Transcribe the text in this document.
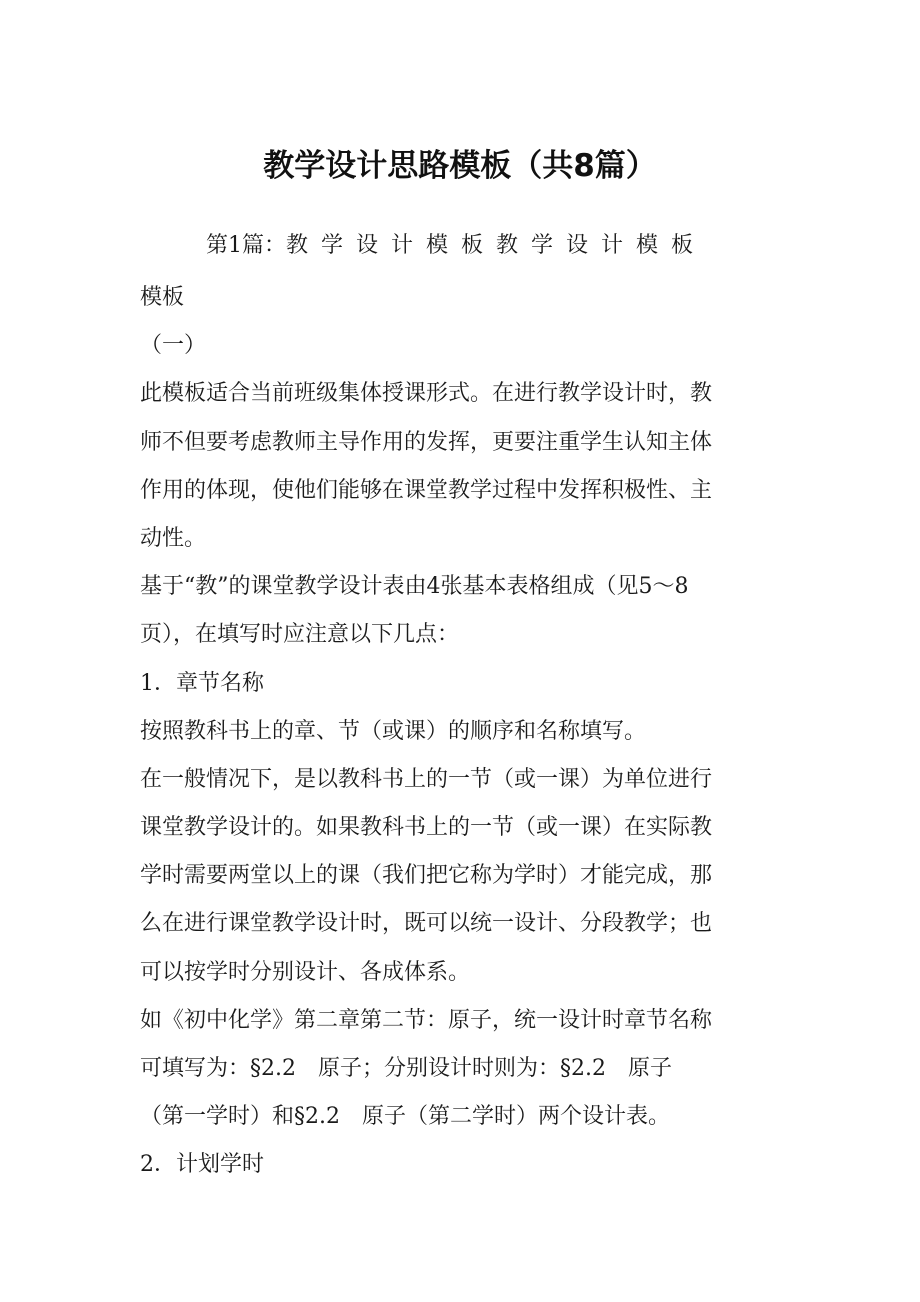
教学设计思路模板（共8篇）
第1篇：教学设计模板教学设计模板
模板
（一）
此模板适合当前班级集体授课形式。在进行教学设计时，教
师不但要考虑教师主导作用的发挥，更要注重学生认知主体
作用的体现，使他们能够在课堂教学过程中发挥积极性、主
动性。
基于“教”的课堂教学设计表由4张基本表格组成（见5～8
页），在填写时应注意以下几点：
1．章节名称
按照教科书上的章、节（或课）的顺序和名称填写。
在一般情况下，是以教科书上的一节（或一课）为单位进行
课堂教学设计的。如果教科书上的一节（或一课）在实际教
学时需要两堂以上的课（我们把它称为学时）才能完成，那
么在进行课堂教学设计时，既可以统一设计、分段教学；也
可以按学时分别设计、各成体系。
如《初中化学》第二章第二节：原子，统一设计时章节名称
可填写为：§2.2　原子；分别设计时则为：§2.2　原子
（第一学时）和§2.2　原子（第二学时）两个设计表。
2．计划学时
